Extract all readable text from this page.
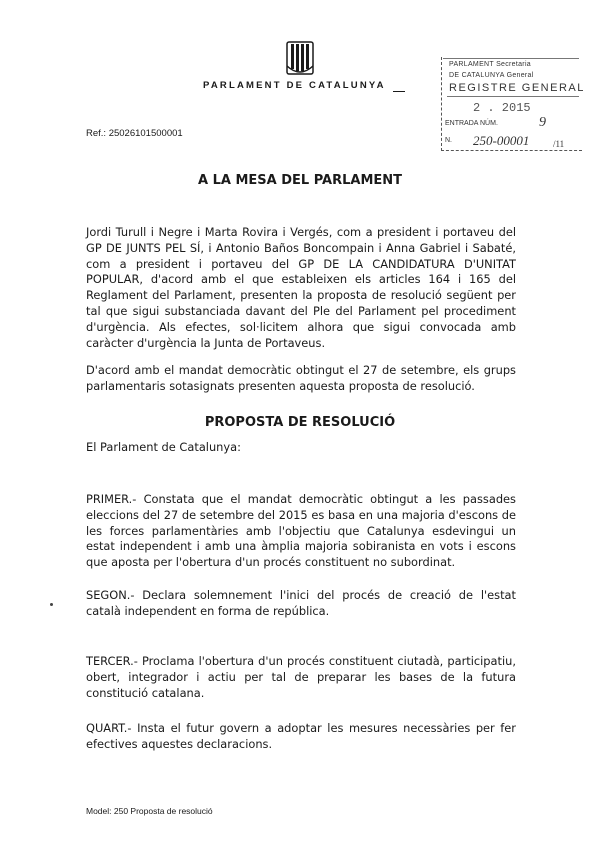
PARLAMENT DE CATALUNYA
PARLAMENT Secretaria
DE CATALUNYA General
REGISTRE GENERAL
2 . 2015
ENTRADA NÚM.	9
N. 250-00001	/11
Ref.: 25026101500001
A LA MESA DEL PARLAMENT
Jordi Turull i Negre i Marta Rovira i Vergés, com a president i portaveu del GP DE JUNTS PEL SÍ, i Antonio Baños Boncompain i Anna Gabriel i Sabaté, com a president i portaveu del GP DE LA CANDIDATURA D'UNITAT POPULAR, d'acord amb el que estableixen els articles 164 i 165 del Reglament del Parlament, presenten la proposta de resolució següent per tal que sigui substanciada davant del Ple del Parlament pel procediment d'urgència. Als efectes, sol·licitem alhora que sigui convocada amb caràcter d'urgència la Junta de Portaveus.
D'acord amb el mandat democràtic obtingut el 27 de setembre, els grups parlamentaris sotasignats presenten aquesta proposta de resolució.
PROPOSTA DE RESOLUCIÓ
El Parlament de Catalunya:
PRIMER.- Constata que el mandat democràtic obtingut a les passades eleccions del 27 de setembre del 2015 es basa en una majoria d'escons de les forces parlamentàries amb l'objectiu que Catalunya esdevingui un estat independent i amb una àmplia majoria sobiranista en vots i escons que aposta per l'obertura d'un procés constituent no subordinat.
SEGON.- Declara solemnement l'inici del procés de creació de l'estat català independent en forma de república.
TERCER.- Proclama l'obertura d'un procés constituent ciutadà, participatiu, obert, integrador i actiu per tal de preparar les bases de la futura constitució catalana.
QUART.- Insta el futur govern a adoptar les mesures necessàries per fer efectives aquestes declaracions.
Model: 250 Proposta de resolució
